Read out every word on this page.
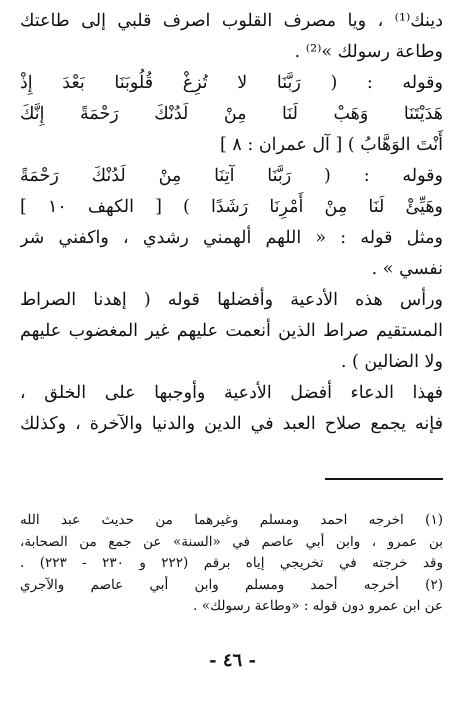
دينك⁽¹⁾ ، ويا مصرف القلوب اصرف قلبي إلى طاعتك
وطاعة رسولك »⁽²⁾ .
وقوله : ( رَبَّنَا لا تُزِغْ قُلُوبَنَا بَعْدَ إِذْ
هَدَيْتَنَا وَهَبْ لَنَا مِنْ لَدُنْكَ رَحْمَةً إِنَّكَ
أَنْتَ الوَهَّابُ ) [ آل عمران : ٨ ]
وقوله : ( رَبَّنَا آتِنَا مِنْ لَدُنْكَ رَحْمَةً
وهَيِّئْ لَنَا مِنْ أَمْرِنَا رَشَدًا ) [ الكهف ١٠ ]
ومثل قوله : « اللهم ألهمني رشدي ، واكفني شر
نفسي » .
ورأس هذه الأدعية وأفضلها قوله ( إهدنا الصراط
المستقيم صراط الذين أنعمت عليهم غير المغضوب عليهم
ولا الضالين ) .
فهذا الدعاء أفضل الأدعية وأوجبها على الخلق ،
فإنه يجمع صلاح العبد في الدين والدنيا والآخرة ، وكذلك
(١) اخرجه احمد ومسلم وغيرهما من حديث عبد الله
بن عمرو ، وابن أبي عاصم في «السنة» عن جمع من الصحابة،
وقد خرجته في تخريجي إياه برقم (٢٢٢ و ٢٣٠ - ٢٢٣) .
(٢) أخرجه أحمد ومسلم وابن أبي عاصم والآجري
عن ابن عمرو دون قوله : «وطاعة رسولك» .
- ٤٦ -
